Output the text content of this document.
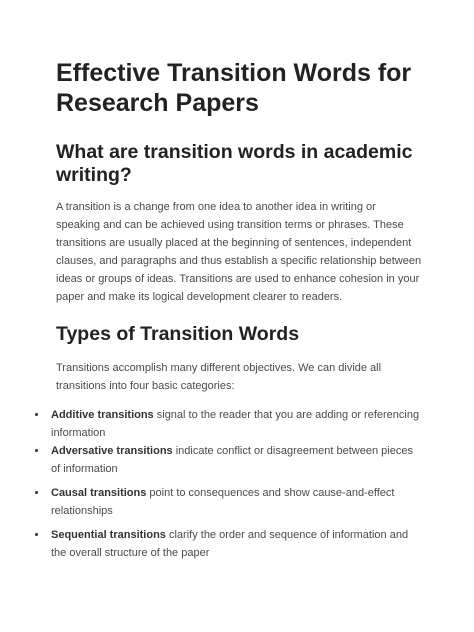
Effective Transition Words for Research Papers
What are transition words in academic writing?

A transition is a change from one idea to another idea in writing or speaking and can be achieved using transition terms or phrases. These transitions are usually placed at the beginning of sentences, independent clauses, and paragraphs and thus establish a specific relationship between ideas or groups of ideas. Transitions are used to enhance cohesion in your paper and make its logical development clearer to readers.

Types of Transition Words

Transitions accomplish many different objectives. We can divide all transitions into four basic categories:

Additive transitions signal to the reader that you are adding or referencing information
Adversative transitions indicate conflict or disagreement between pieces of information
Causal transitions point to consequences and show cause-and-effect relationships
Sequential transitions clarify the order and sequence of information and the overall structure of the paper
